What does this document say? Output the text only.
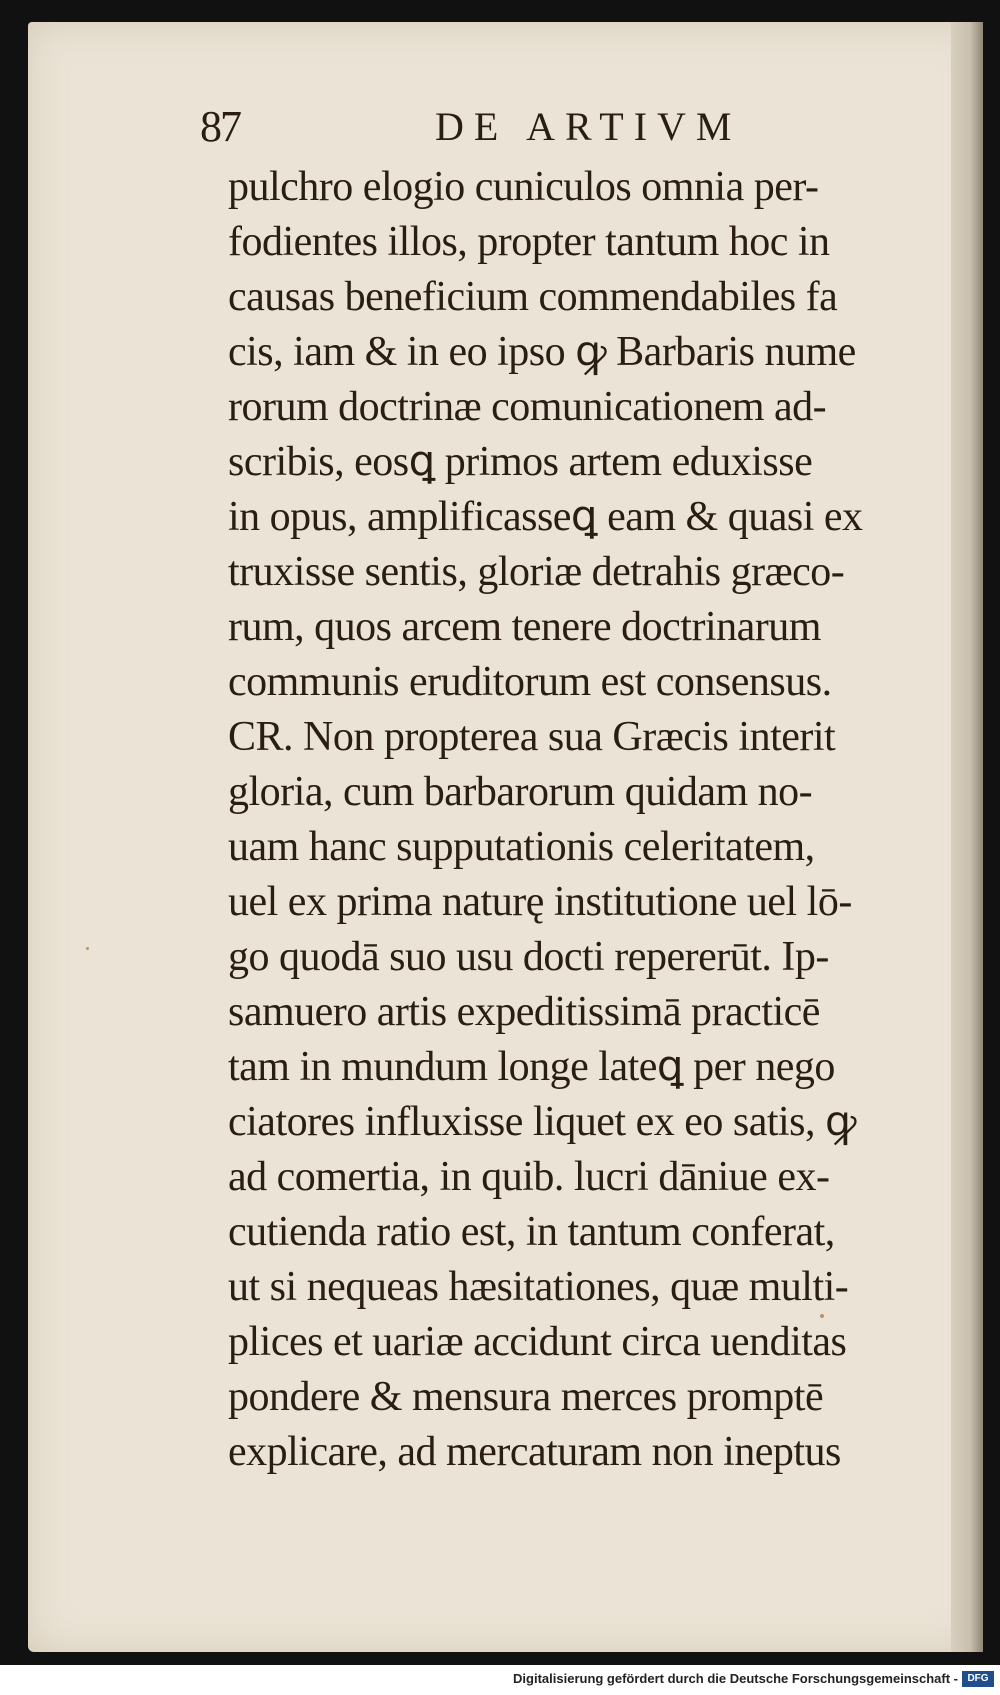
87	DE ARTIVM
pulchro elogio cuniculos omnia per-
fodientes illos, propter tantum hoc in
causas beneficium commendabiles fa
cis, iam & in eo ipso ꝙ Barbaris nume
rorum doctrinæ comunicationem ad-
scribis, eosꝗ primos artem eduxisse
in opus, amplificasseꝗ eam & quasi ex
truxisse sentis, gloriæ detrahis græco-
rum, quos arcem tenere doctrinarum
communis eruditorum est consensus.
CR. Non propterea sua Græcis interit
gloria, cum barbarorum quidam no-
uam hanc supputationis celeritatem,
uel ex prima naturę institutione uel lō-
go quodā suo usu docti repererūt. Ip-
samuero artis expeditissimā practicē
tam in mundum longe lateꝗ per nego
ciatores influxisse liquet ex eo satis, ꝙ
ad comertia, in quib. lucri dāniue ex-
cutienda ratio est, in tantum conferat,
ut si nequeas hæsitationes, quæ multi-
plices et uariæ accidunt circa uenditas
pondere & mensura merces promptē
explicare, ad mercaturam non ineptus
Digitalisierung gefördert durch die Deutsche Forschungsgemeinschaft - DFG
